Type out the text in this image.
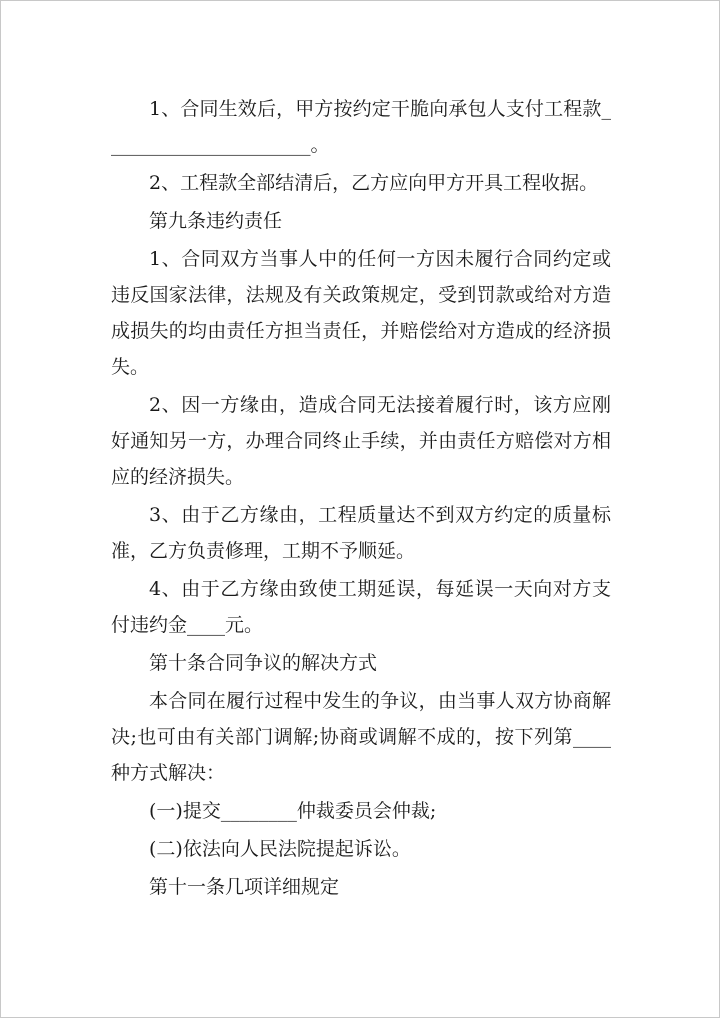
1、合同生效后，甲方按约定干脆向承包人支付工程款______________________。

2、工程款全部结清后，乙方应向甲方开具工程收据。

第九条违约责任

1、合同双方当事人中的任何一方因未履行合同约定或违反国家法律，法规及有关政策规定，受到罚款或给对方造成损失的均由责任方担当责任，并赔偿给对方造成的经济损失。

2、因一方缘由，造成合同无法接着履行时，该方应刚好通知另一方，办理合同终止手续，并由责任方赔偿对方相应的经济损失。

3、由于乙方缘由，工程质量达不到双方约定的质量标准，乙方负责修理，工期不予顺延。

4、由于乙方缘由致使工期延误，每延误一天向对方支付违约金____元。

第十条合同争议的解决方式

本合同在履行过程中发生的争议，由当事人双方协商解决;也可由有关部门调解;协商或调解不成的，按下列第____种方式解决：

(一)提交________仲裁委员会仲裁;

(二)依法向人民法院提起诉讼。

第十一条几项详细规定
